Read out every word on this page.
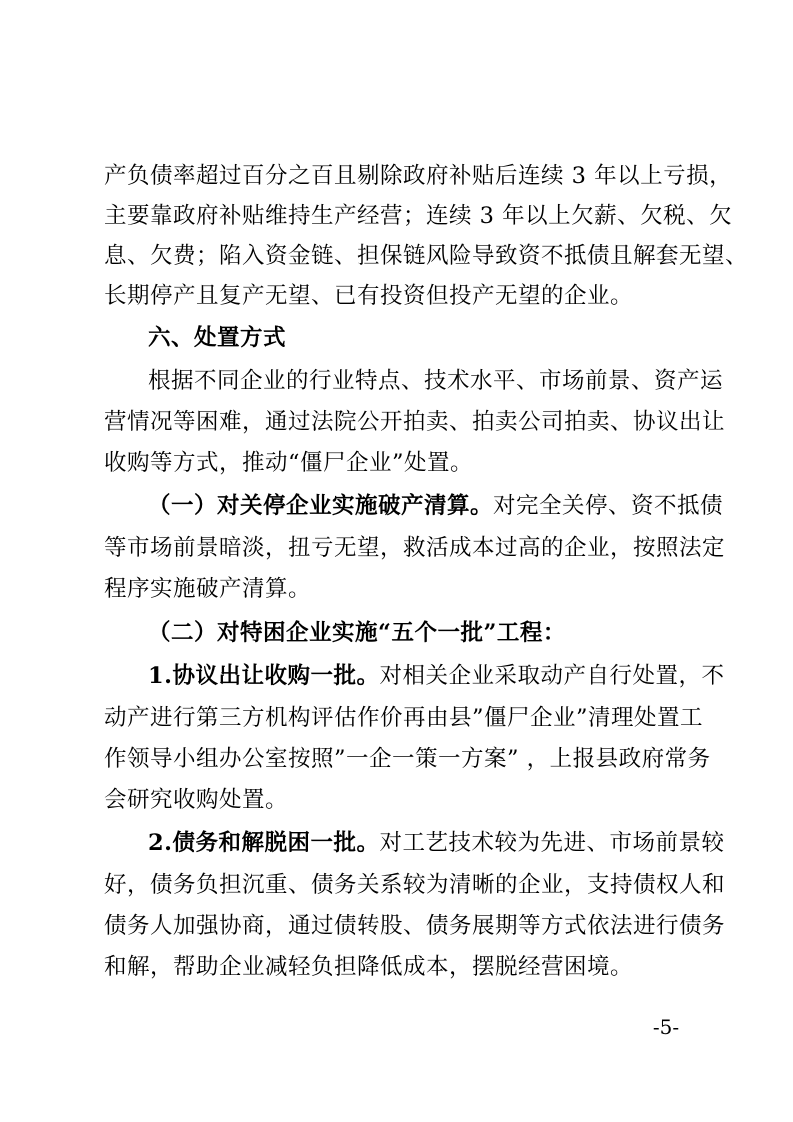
产负债率超过百分之百且剔除政府补贴后连续 3 年以上亏损，
主要靠政府补贴维持生产经营；连续 3 年以上欠薪、欠税、欠
息、欠费；陷入资金链、担保链风险导致资不抵债且解套无望、
长期停产且复产无望、已有投资但投产无望的企业。
六、处置方式
根据不同企业的行业特点、技术水平、市场前景、资产运
营情况等困难，通过法院公开拍卖、拍卖公司拍卖、协议出让
收购等方式，推动“僵尸企业”处置。
（一）对关停企业实施破产清算。对完全关停、资不抵债
等市场前景暗淡，扭亏无望，救活成本过高的企业，按照法定
程序实施破产清算。
（二）对特困企业实施“五个一批”工程：
1.协议出让收购一批。对相关企业采取动产自行处置，不
动产进行第三方机构评估作价再由县”僵尸企业”清理处置工
作领导小组办公室按照”一企一策一方案” ，上报县政府常务
会研究收购处置。
2.债务和解脱困一批。对工艺技术较为先进、市场前景较
好，债务负担沉重、债务关系较为清晰的企业，支持债权人和
债务人加强协商，通过债转股、债务展期等方式依法进行债务
和解，帮助企业减轻负担降低成本，摆脱经营困境。
-5-
